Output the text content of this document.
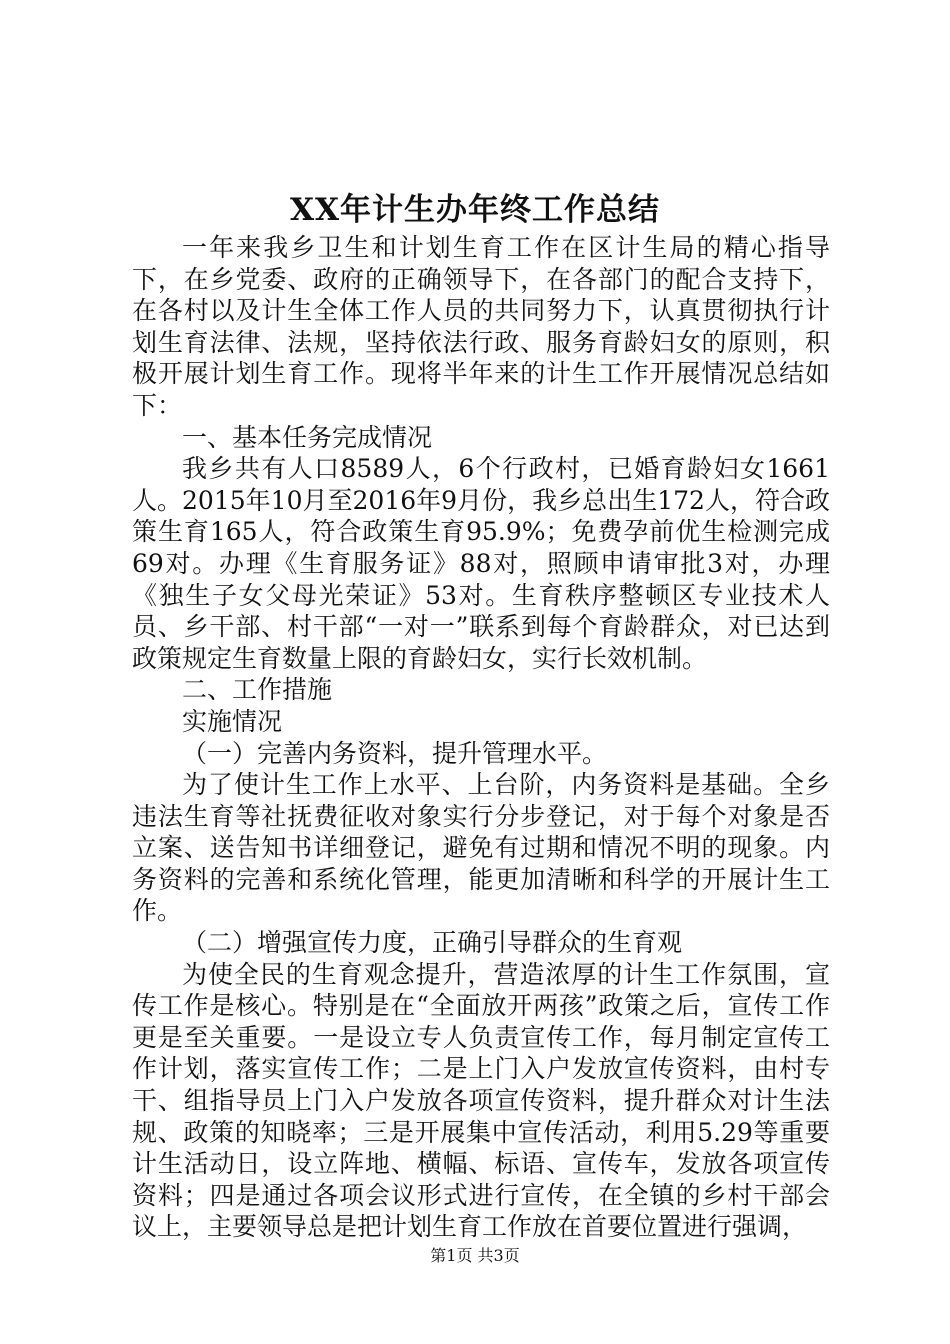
XX年计生办年终工作总结

一年来我乡卫生和计划生育工作在区计生局的精心指导下，在乡党委、政府的正确领导下，在各部门的配合支持下，在各村以及计生全体工作人员的共同努力下，认真贯彻执行计划生育法律、法规，坚持依法行政、服务育龄妇女的原则，积极开展计划生育工作。现将半年来的计生工作开展情况总结如下：

一、基本任务完成情况

我乡共有人口8589人，6个行政村，已婚育龄妇女1661人。2015年10月至2016年9月份，我乡总出生172人，符合政策生育165人，符合政策生育95.9%；免费孕前优生检测完成69对。办理《生育服务证》88对，照顾申请审批3对，办理《独生子女父母光荣证》53对。生育秩序整顿区专业技术人员、乡干部、村干部“一对一”联系到每个育龄群众，对已达到政策规定生育数量上限的育龄妇女，实行长效机制。

二、工作措施

实施情况

（一）完善内务资料，提升管理水平。

为了使计生工作上水平、上台阶，内务资料是基础。全乡违法生育等社抚费征收对象实行分步登记，对于每个对象是否立案、送告知书详细登记，避免有过期和情况不明的现象。内务资料的完善和系统化管理，能更加清晰和科学的开展计生工作。

（二）增强宣传力度，正确引导群众的生育观

为使全民的生育观念提升，营造浓厚的计生工作氛围，宣传工作是核心。特别是在“全面放开两孩”政策之后，宣传工作更是至关重要。一是设立专人负责宣传工作，每月制定宣传工作计划，落实宣传工作；二是上门入户发放宣传资料，由村专干、组指导员上门入户发放各项宣传资料，提升群众对计生法规、政策的知晓率；三是开展集中宣传活动，利用5.29等重要计生活动日，设立阵地、横幅、标语、宣传车，发放各项宣传资料；四是通过各项会议形式进行宣传，在全镇的乡村干部会议上，主要领导总是把计划生育工作放在首要位置进行强调，

第1页 共3页
